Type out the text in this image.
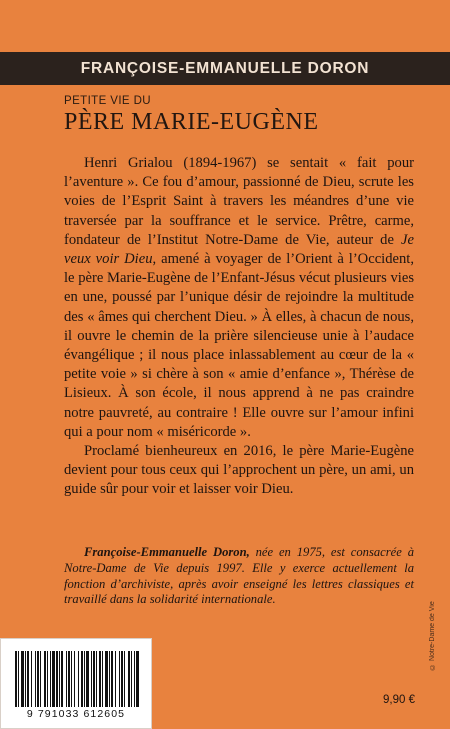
FRANÇOISE-EMMANUELLE DORON
PETITE VIE DU
PÈRE MARIE-EUGÈNE

Henri Grialou (1894-1967) se sentait « fait pour l’aventure ». Ce fou d’amour, passionné de Dieu, scrute les voies de l’Esprit Saint à travers les méandres d’une vie traversée par la souffrance et le service. Prêtre, carme, fondateur de l’Institut Notre-Dame de Vie, auteur de Je veux voir Dieu, amené à voyager de l’Orient à l’Occident, le père Marie-Eugène de l’Enfant-Jésus vécut plusieurs vies en une, poussé par l’unique désir de rejoindre la multitude des « âmes qui cherchent Dieu. » À elles, à chacun de nous, il ouvre le chemin de la prière silencieuse unie à l’audace évangélique ; il nous place inlassablement au cœur de la « petite voie » si chère à son « amie d’enfance », Thérèse de Lisieux. À son école, il nous apprend à ne pas craindre notre pauvreté, au contraire ! Elle ouvre sur l’amour infini qui a pour nom « miséricorde ».

Proclamé bienheureux en 2016, le père Marie-Eugène devient pour tous ceux qui l’approchent un père, un ami, un guide sûr pour voir et laisser voir Dieu.

Françoise-Emmanuelle Doron, née en 1975, est consacrée à Notre-Dame de Vie depuis 1997. Elle y exerce actuellement la fonction d’archiviste, après avoir enseigné les lettres classiques et travaillé dans la solidarité internationale.

© Notre-Dame de Vie
9 791033 612605
9,90 €
